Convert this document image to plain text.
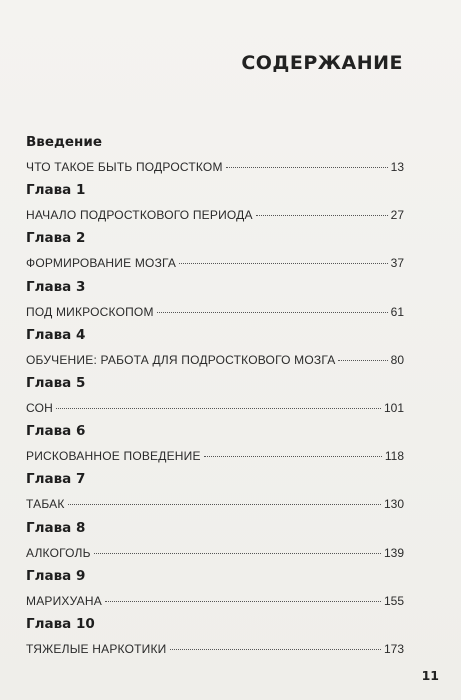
СОДЕРЖАНИЕ
Введение
ЧТО ТАКОЕ БЫТЬ ПОДРОСТКОМ	13
Глава 1
НАЧАЛО ПОДРОСТКОВОГО ПЕРИОДА	27
Глава 2
ФОРМИРОВАНИЕ МОЗГА	37
Глава 3
ПОД МИКРОСКОПОМ	61
Глава 4
ОБУЧЕНИЕ: РАБОТА ДЛЯ ПОДРОСТКОВОГО МОЗГА	80
Глава 5
СОН	101
Глава 6
РИСКОВАННОЕ ПОВЕДЕНИЕ	118
Глава 7
ТАБАК	130
Глава 8
АЛКОГОЛЬ	139
Глава 9
МАРИХУАНА	155
Глава 10
ТЯЖЕЛЫЕ НАРКОТИКИ	173
11
